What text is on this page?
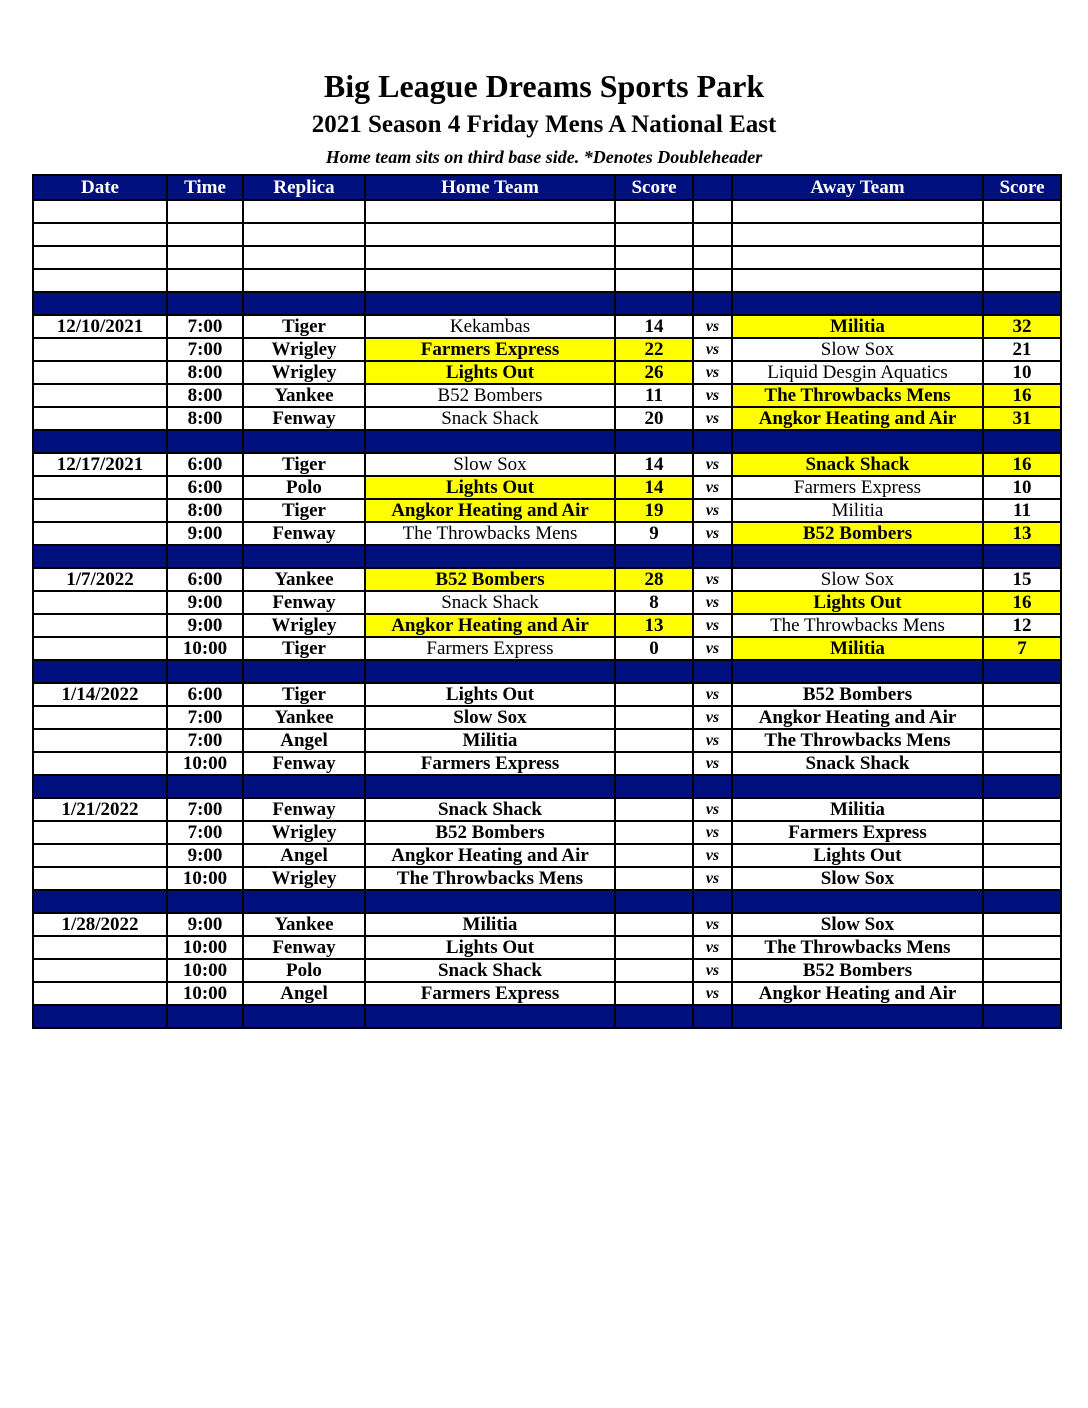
Big League Dreams Sports Park
2021 Season 4 Friday Mens A National East
Home team sits on third base side. *Denotes Doubleheader
Date	Time	Replica	Home Team	Score		Away Team	Score

12/10/2021	7:00	Tiger	Kekambas	14	vs	Militia	32
	7:00	Wrigley	Farmers Express	22	vs	Slow Sox	21
	8:00	Wrigley	Lights Out	26	vs	Liquid Desgin Aquatics	10
	8:00	Yankee	B52 Bombers	11	vs	The Throwbacks Mens	16
	8:00	Fenway	Snack Shack	20	vs	Angkor Heating and Air	31

12/17/2021	6:00	Tiger	Slow Sox	14	vs	Snack Shack	16
	6:00	Polo	Lights Out	14	vs	Farmers Express	10
	8:00	Tiger	Angkor Heating and Air	19	vs	Militia	11
	9:00	Fenway	The Throwbacks Mens	9	vs	B52 Bombers	13

1/7/2022	6:00	Yankee	B52 Bombers	28	vs	Slow Sox	15
	9:00	Fenway	Snack Shack	8	vs	Lights Out	16
	9:00	Wrigley	Angkor Heating and Air	13	vs	The Throwbacks Mens	12
	10:00	Tiger	Farmers Express	0	vs	Militia	7

1/14/2022	6:00	Tiger	Lights Out		vs	B52 Bombers	
	7:00	Yankee	Slow Sox		vs	Angkor Heating and Air	
	7:00	Angel	Militia		vs	The Throwbacks Mens	
	10:00	Fenway	Farmers Express		vs	Snack Shack	

1/21/2022	7:00	Fenway	Snack Shack		vs	Militia	
	7:00	Wrigley	B52 Bombers		vs	Farmers Express	
	9:00	Angel	Angkor Heating and Air		vs	Lights Out	
	10:00	Wrigley	The Throwbacks Mens		vs	Slow Sox	

1/28/2022	9:00	Yankee	Militia		vs	Slow Sox	
	10:00	Fenway	Lights Out		vs	The Throwbacks Mens	
	10:00	Polo	Snack Shack		vs	B52 Bombers	
	10:00	Angel	Farmers Express		vs	Angkor Heating and Air	
